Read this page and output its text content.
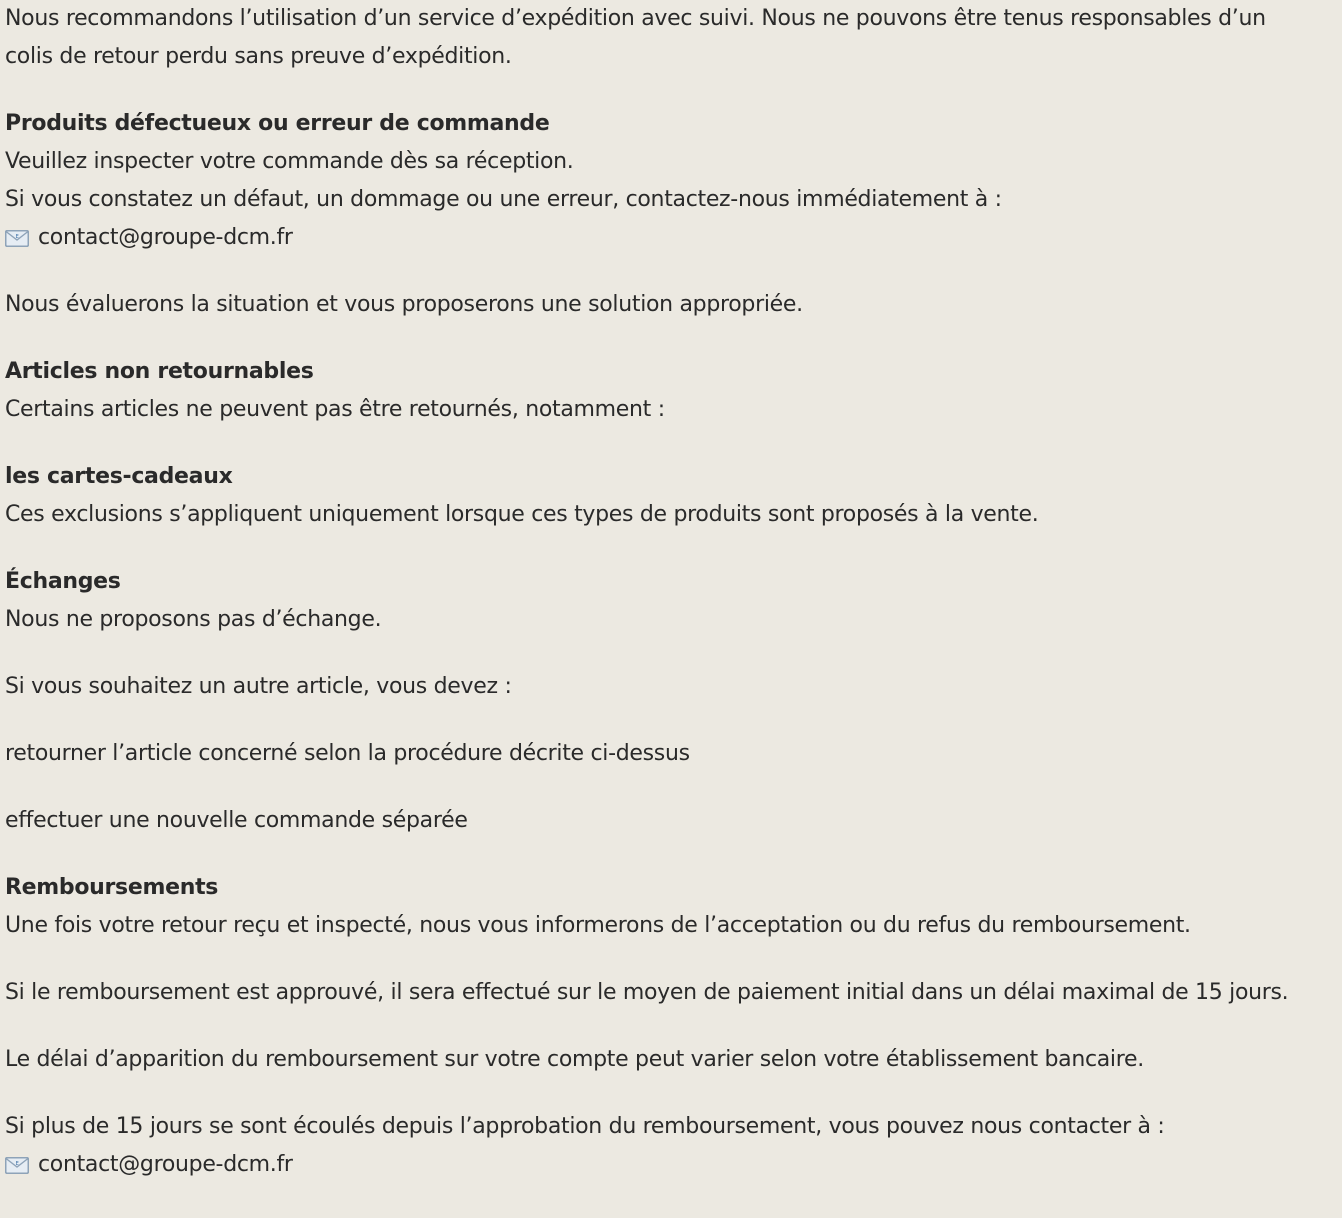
Nous recommandons l’utilisation d’un service d’expédition avec suivi. Nous ne pouvons être tenus responsables d’un

colis de retour perdu sans preuve d’expédition.

Produits défectueux ou erreur de commande

Veuillez inspecter votre commande dès sa réception.

Si vous constatez un défaut, un dommage ou une erreur, contactez-nous immédiatement à :

E contact@groupe-dcm.fr

Nous évaluerons la situation et vous proposerons une solution appropriée.

Articles non retournables

Certains articles ne peuvent pas être retournés, notamment :

les cartes-cadeaux

Ces exclusions s’appliquent uniquement lorsque ces types de produits sont proposés à la vente.

Échanges

Nous ne proposons pas d’échange.

Si vous souhaitez un autre article, vous devez :

retourner l’article concerné selon la procédure décrite ci-dessus

effectuer une nouvelle commande séparée

Remboursements

Une fois votre retour reçu et inspecté, nous vous informerons de l’acceptation ou du refus du remboursement.

Si le remboursement est approuvé, il sera effectué sur le moyen de paiement initial dans un délai maximal de 15 jours.

Le délai d’apparition du remboursement sur votre compte peut varier selon votre établissement bancaire.

Si plus de 15 jours se sont écoulés depuis l’approbation du remboursement, vous pouvez nous contacter à :

E contact@groupe-dcm.fr
